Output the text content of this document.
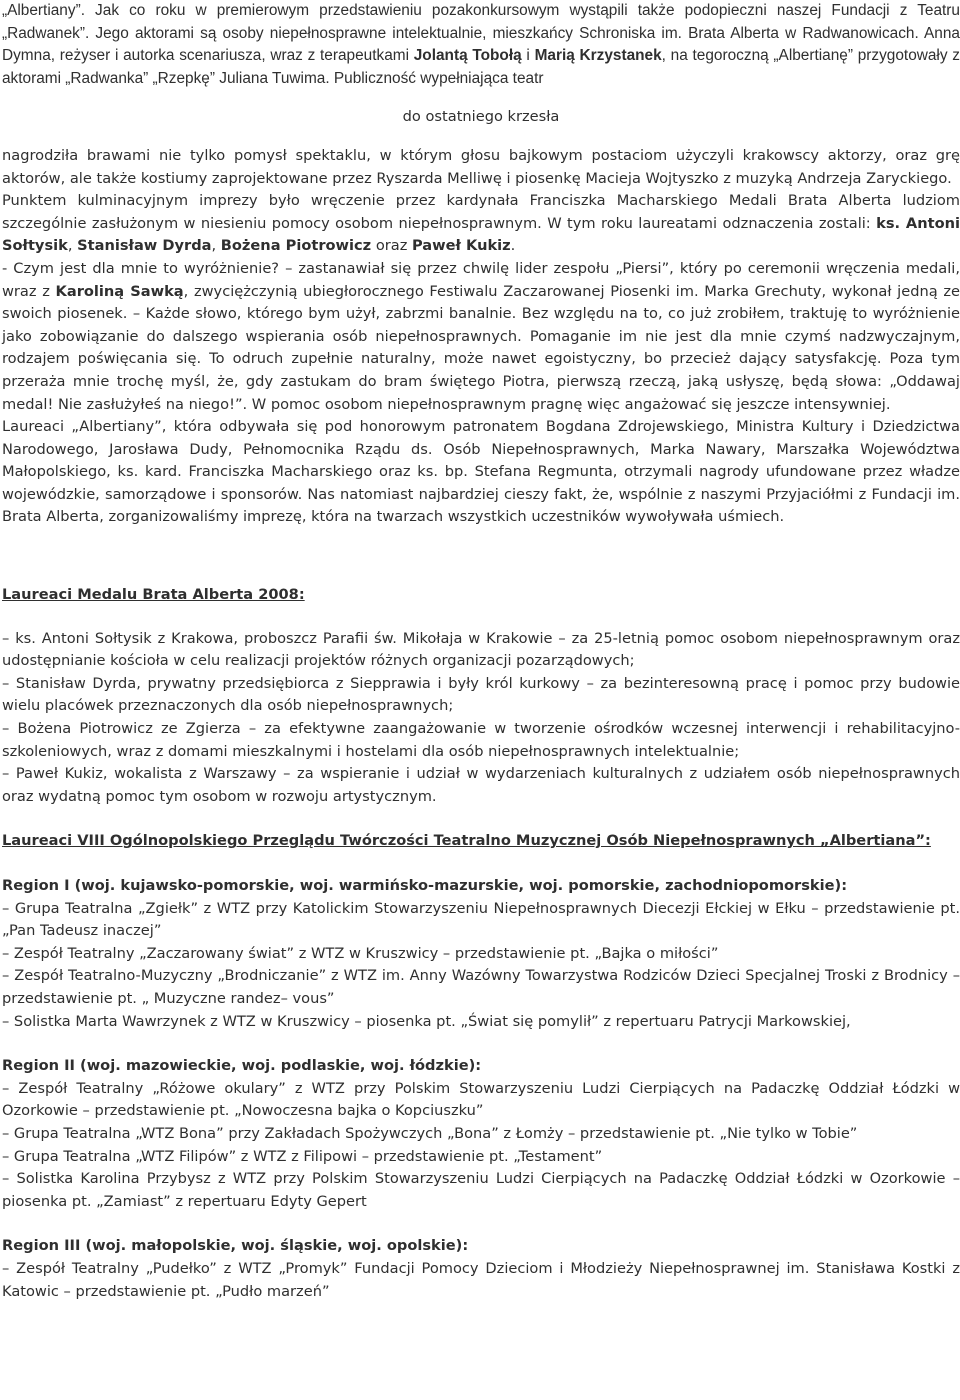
„Albertiany”. Jak co roku w premierowym przedstawieniu pozakonkursowym wystąpili także podopieczni naszej Fundacji z Teatru „Radwanek”. Jego aktorami są osoby niepełnosprawne intelektualnie, mieszkańcy Schroniska im. Brata Alberta w Radwanowicach. Anna Dymna, reżyser i autorka scenariusza, wraz z terapeutkami Jolantą Tobołą i Marią Krzystanek, na tegoroczną „Albertianę” przygotowały z aktorami „Radwanka” „Rzepkę” Juliana Tuwima. Publiczność wypełniająca teatr

do ostatniego krzesła

nagrodziła brawami nie tylko pomysł spektaklu, w którym głosu bajkowym postaciom użyczyli krakowscy aktorzy, oraz grę aktorów, ale także kostiumy zaprojektowane przez Ryszarda Melliwę i piosenkę Macieja Wojtyszko z muzyką Andrzeja Zaryckiego.

Punktem kulminacyjnym imprezy było wręczenie przez kardynała Franciszka Macharskiego Medali Brata Alberta ludziom szczególnie zasłużonym w niesieniu pomocy osobom niepełnosprawnym. W tym roku laureatami odznaczenia zostali: ks. Antoni Sołtysik, Stanisław Dyrda, Bożena Piotrowicz oraz Paweł Kukiz.

- Czym jest dla mnie to wyróżnienie? – zastanawiał się przez chwilę lider zespołu „Piersi”, który po ceremonii wręczenia medali, wraz z Karoliną Sawką, zwyciężczynią ubiegłorocznego Festiwalu Zaczarowanej Piosenki im. Marka Grechuty, wykonał jedną ze swoich piosenek. – Każde słowo, którego bym użył, zabrzmi banalnie. Bez względu na to, co już zrobiłem, traktuję to wyróżnienie jako zobowiązanie do dalszego wspierania osób niepełnosprawnych. Pomaganie im nie jest dla mnie czymś nadzwyczajnym, rodzajem poświęcania się. To odruch zupełnie naturalny, może nawet egoistyczny, bo przecież dający satysfakcję. Poza tym przeraża mnie trochę myśl, że, gdy zastukam do bram świętego Piotra, pierwszą rzeczą, jaką usłyszę, będą słowa: „Oddawaj medal! Nie zasłużyłeś na niego!”. W pomoc osobom niepełnosprawnym pragnę więc angażować się jeszcze intensywniej.

Laureaci „Albertiany”, która odbywała się pod honorowym patronatem Bogdana Zdrojewskiego, Ministra Kultury i Dziedzictwa Narodowego, Jarosława Dudy, Pełnomocnika Rządu ds. Osób Niepełnosprawnych, Marka Nawary, Marszałka Województwa Małopolskiego, ks. kard. Franciszka Macharskiego oraz ks. bp. Stefana Regmunta, otrzymali nagrody ufundowane przez władze wojewódzkie, samorządowe i sponsorów. Nas natomiast najbardziej cieszy fakt, że, wspólnie z naszymi Przyjaciółmi z Fundacji im. Brata Alberta, zorganizowaliśmy imprezę, która na twarzach wszystkich uczestników wywoływała uśmiech.

Laureaci Medalu Brata Alberta 2008:

– ks. Antoni Sołtysik z Krakowa, proboszcz Parafii św. Mikołaja w Krakowie – za 25-letnią pomoc osobom niepełnosprawnym oraz udostępnianie kościoła w celu realizacji projektów różnych organizacji pozarządowych;

– Stanisław Dyrda, prywatny przedsiębiorca z Siepprawia i były król kurkowy – za bezinteresowną pracę i pomoc przy budowie wielu placówek przeznaczonych dla osób niepełnosprawnych;

– Bożena Piotrowicz ze Zgierza – za efektywne zaangażowanie w tworzenie ośrodków wczesnej interwencji i rehabilitacyjno-szkoleniowych, wraz z domami mieszkalnymi i hostelami dla osób niepełnosprawnych intelektualnie;

– Paweł Kukiz, wokalista z Warszawy – za wspieranie i udział w wydarzeniach kulturalnych z udziałem osób niepełnosprawnych oraz wydatną pomoc tym osobom w rozwoju artystycznym.

Laureaci VIII Ogólnopolskiego Przeglądu Twórczości Teatralno Muzycznej Osób Niepełnosprawnych „Albertiana”:

Region I (woj. kujawsko-pomorskie, woj. warmińsko-mazurskie, woj. pomorskie, zachodniopomorskie):

– Grupa Teatralna „Zgiełk” z WTZ przy Katolickim Stowarzyszeniu Niepełnosprawnych Diecezji Ełckiej w Ełku – przedstawienie pt. „Pan Tadeusz inaczej”

– Zespół Teatralny „Zaczarowany świat” z WTZ w Kruszwicy – przedstawienie pt. „Bajka o miłości”

– Zespół Teatralno-Muzyczny „Brodniczanie” z WTZ im. Anny Wazówny Towarzystwa Rodziców Dzieci Specjalnej Troski z Brodnicy – przedstawienie pt. „ Muzyczne randez– vous”

– Solistka Marta Wawrzynek z WTZ w Kruszwicy – piosenka pt. „Świat się pomylił” z repertuaru Patrycji Markowskiej,

Region II (woj. mazowieckie, woj. podlaskie, woj. łódzkie):

– Zespół Teatralny „Różowe okulary” z WTZ przy Polskim Stowarzyszeniu Ludzi Cierpiących na Padaczkę Oddział Łódzki w Ozorkowie – przedstawienie pt. „Nowoczesna bajka o Kopciuszku”

– Grupa Teatralna „WTZ Bona” przy Zakładach Spożywczych „Bona” z Łomży – przedstawienie pt. „Nie tylko w Tobie”

– Grupa Teatralna „WTZ Filipów” z WTZ z Filipowi – przedstawienie pt. „Testament”

– Solistka Karolina Przybysz z WTZ przy Polskim Stowarzyszeniu Ludzi Cierpiących na Padaczkę Oddział Łódzki w Ozorkowie – piosenka pt. „Zamiast” z repertuaru Edyty Gepert

Region III (woj. małopolskie, woj. śląskie, woj. opolskie):

– Zespół Teatralny „Pudełko” z WTZ „Promyk” Fundacji Pomocy Dzieciom i Młodzieży Niepełnosprawnej im. Stanisława Kostki z Katowic – przedstawienie pt. „Pudło marzeń”
